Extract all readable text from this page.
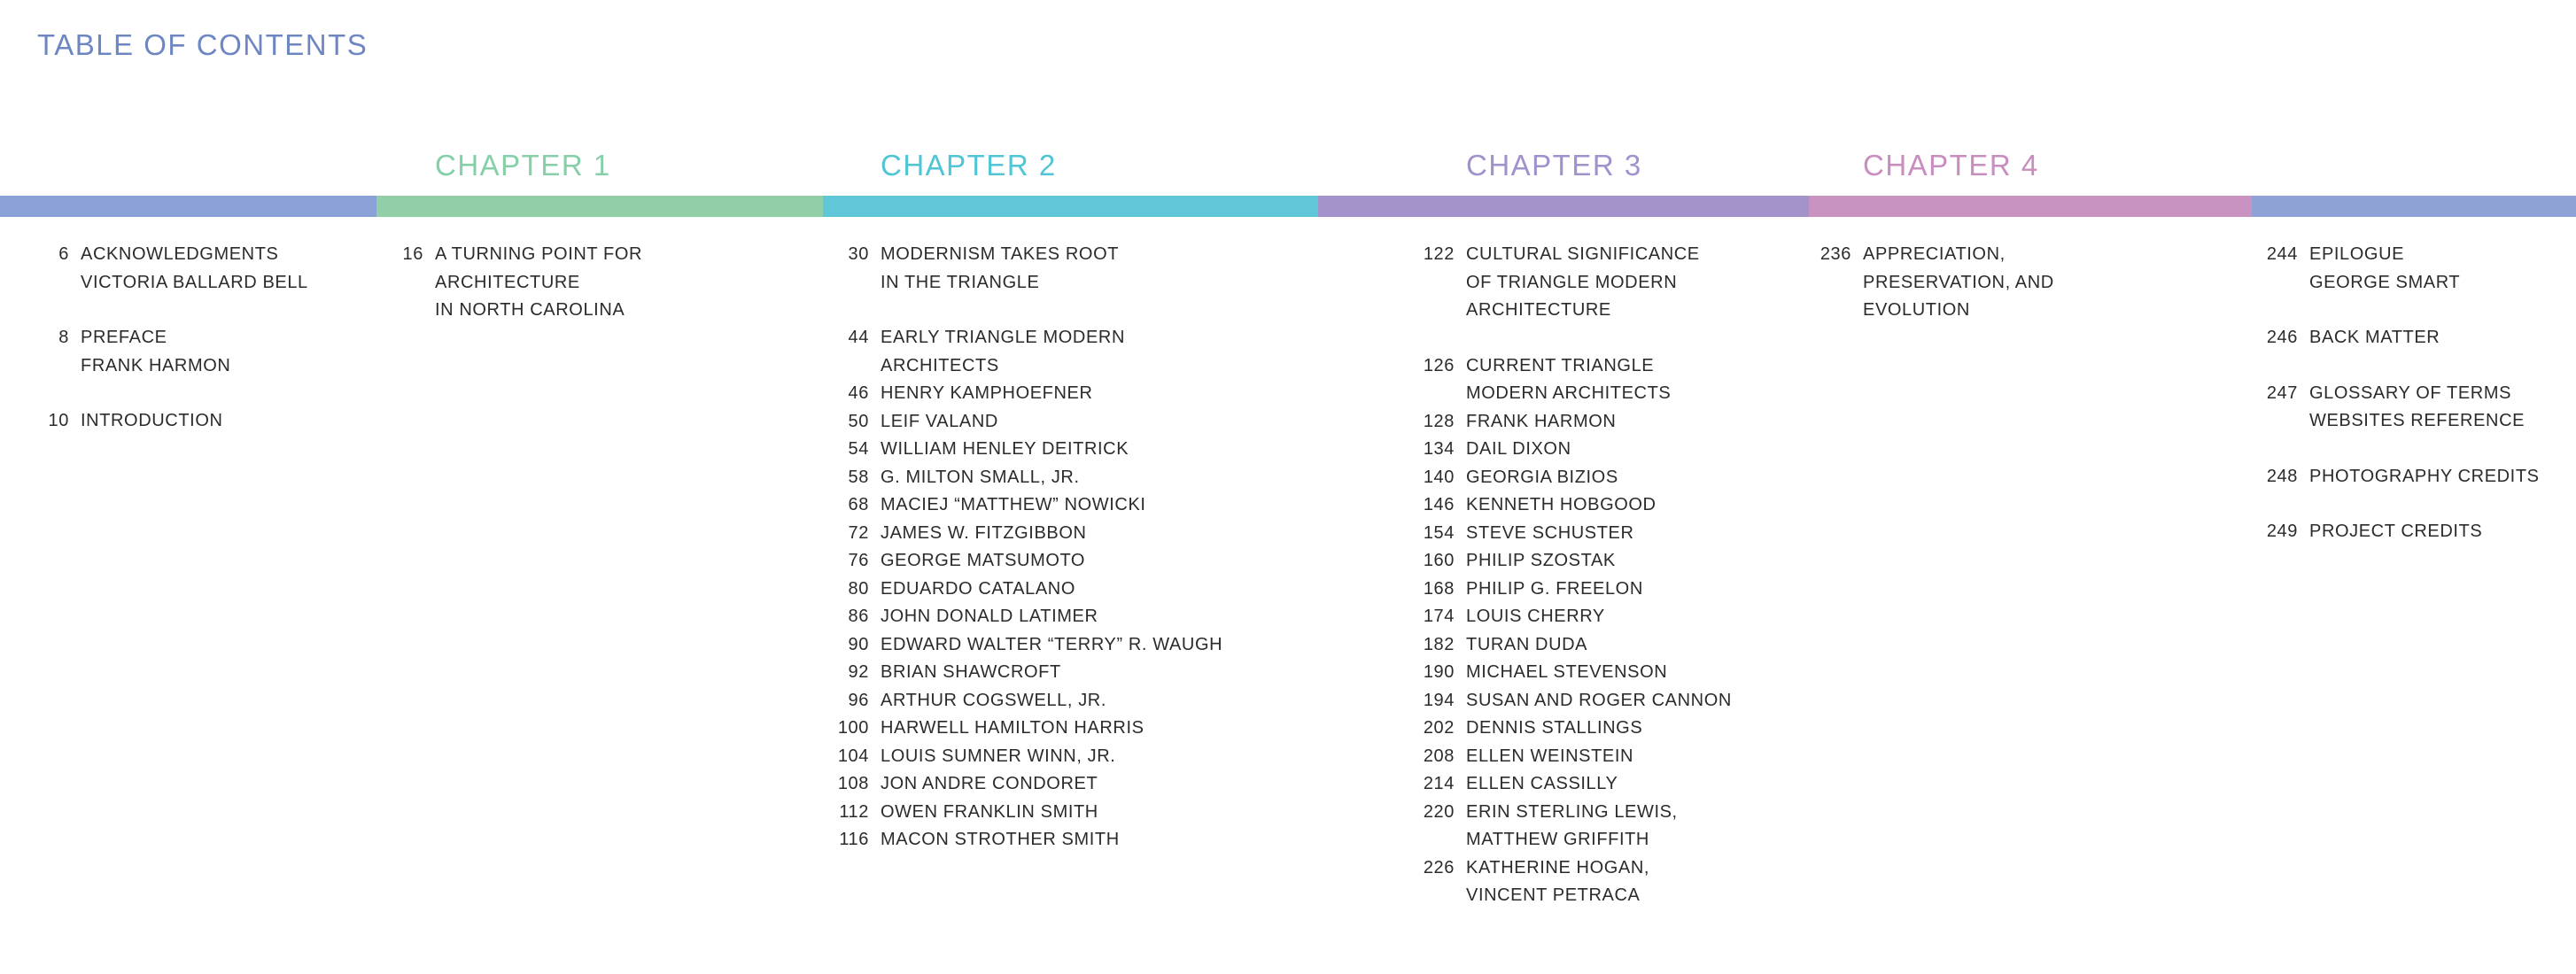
TABLE OF CONTENTS
CHAPTER 1	CHAPTER 2	CHAPTER 3	CHAPTER 4
6 ACKNOWLEDGMENTS
VICTORIA BALLARD BELL
8 PREFACE
FRANK HARMON
10 INTRODUCTION
16 A TURNING POINT FOR
ARCHITECTURE
IN NORTH CAROLINA
30 MODERNISM TAKES ROOT
IN THE TRIANGLE
44 EARLY TRIANGLE MODERN
ARCHITECTS
46 HENRY KAMPHOEFNER
50 LEIF VALAND
54 WILLIAM HENLEY DEITRICK
58 G. MILTON SMALL, JR.
68 MACIEJ “MATTHEW” NOWICKI
72 JAMES W. FITZGIBBON
76 GEORGE MATSUMOTO
80 EDUARDO CATALANO
86 JOHN DONALD LATIMER
90 EDWARD WALTER “TERRY” R. WAUGH
92 BRIAN SHAWCROFT
96 ARTHUR COGSWELL, JR.
100 HARWELL HAMILTON HARRIS
104 LOUIS SUMNER WINN, JR.
108 JON ANDRE CONDORET
112 OWEN FRANKLIN SMITH
116 MACON STROTHER SMITH
122 CULTURAL SIGNIFICANCE
OF TRIANGLE MODERN
ARCHITECTURE
126 CURRENT TRIANGLE
MODERN ARCHITECTS
128 FRANK HARMON
134 DAIL DIXON
140 GEORGIA BIZIOS
146 KENNETH HOBGOOD
154 STEVE SCHUSTER
160 PHILIP SZOSTAK
168 PHILIP G. FREELON
174 LOUIS CHERRY
182 TURAN DUDA
190 MICHAEL STEVENSON
194 SUSAN AND ROGER CANNON
202 DENNIS STALLINGS
208 ELLEN WEINSTEIN
214 ELLEN CASSILLY
220 ERIN STERLING LEWIS,
MATTHEW GRIFFITH
226 KATHERINE HOGAN,
VINCENT PETRACA
236 APPRECIATION,
PRESERVATION, AND
EVOLUTION
244 EPILOGUE
GEORGE SMART
246 BACK MATTER
247 GLOSSARY OF TERMS
WEBSITES REFERENCE
248 PHOTOGRAPHY CREDITS
249 PROJECT CREDITS
